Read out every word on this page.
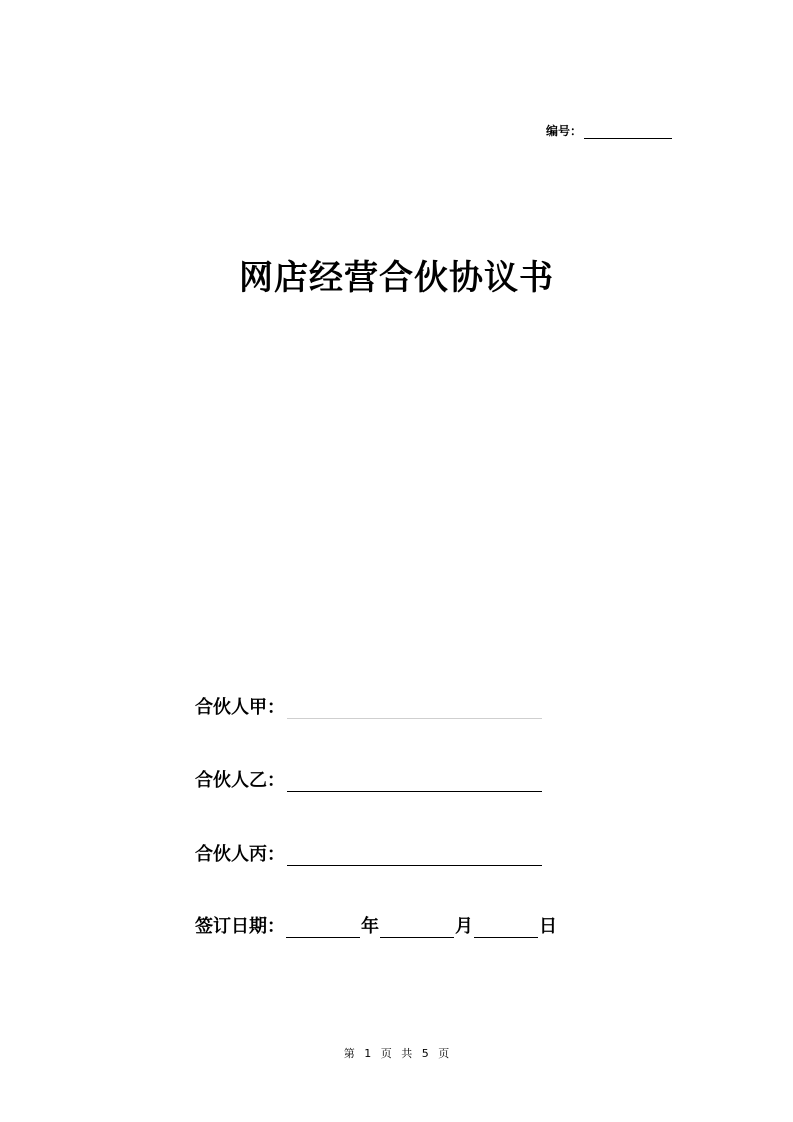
编号：
网店经营合伙协议书
合伙人甲：
合伙人乙：
合伙人丙：
签订日期：	年	月	日
第 1 页 共 5 页
